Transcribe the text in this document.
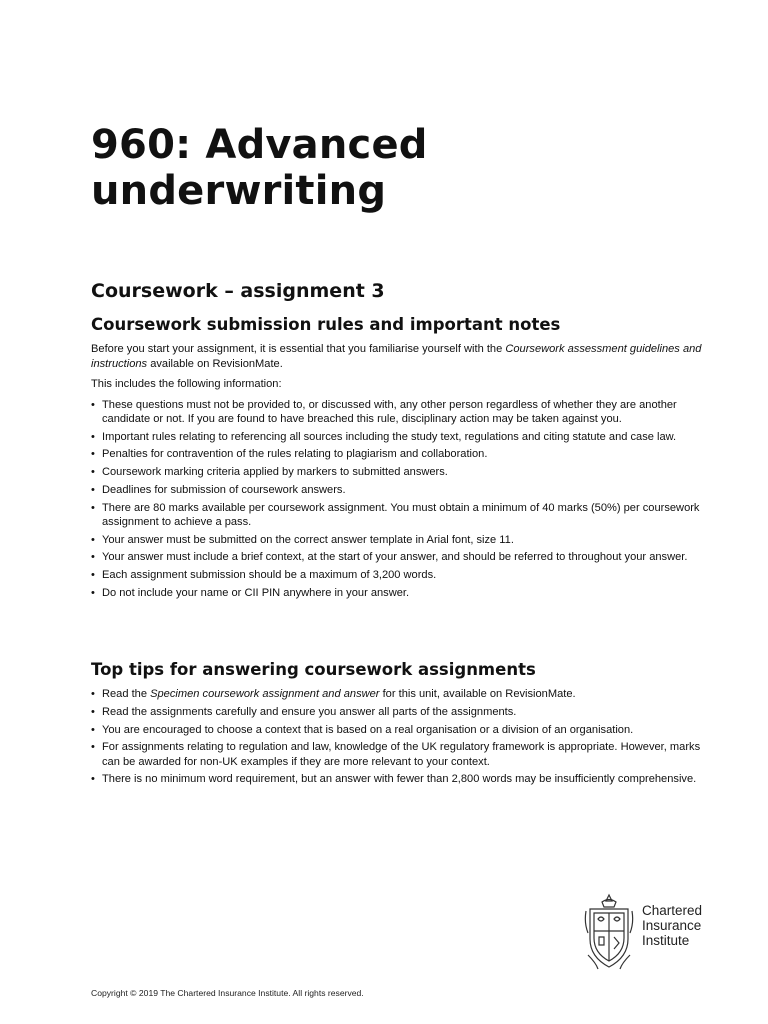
960: Advanced
underwriting
Coursework – assignment 3
Coursework submission rules and important notes

Before you start your assignment, it is essential that you familiarise yourself with the Coursework assessment guidelines and instructions available on RevisionMate.

This includes the following information:

• These questions must not be provided to, or discussed with, any other person regardless of whether they are another candidate or not. If you are found to have breached this rule, disciplinary action may be taken against you.
• Important rules relating to referencing all sources including the study text, regulations and citing statute and case law.
• Penalties for contravention of the rules relating to plagiarism and collaboration.
• Coursework marking criteria applied by markers to submitted answers.
• Deadlines for submission of coursework answers.
• There are 80 marks available per coursework assignment. You must obtain a minimum of 40 marks (50%) per coursework assignment to achieve a pass.
• Your answer must be submitted on the correct answer template in Arial font, size 11.
• Your answer must include a brief context, at the start of your answer, and should be referred to throughout your answer.
• Each assignment submission should be a maximum of 3,200 words.
• Do not include your name or CII PIN anywhere in your answer.
Top tips for answering coursework assignments
• Read the Specimen coursework assignment and answer for this unit, available on RevisionMate.
• Read the assignments carefully and ensure you answer all parts of the assignments.
• You are encouraged to choose a context that is based on a real organisation or a division of an organisation.
• For assignments relating to regulation and law, knowledge of the UK regulatory framework is appropriate. However, marks can be awarded for non-UK examples if they are more relevant to your context.
• There is no minimum word requirement, but an answer with fewer than 2,800 words may be insufficiently comprehensive.
Chartered
Insurance
Institute

Copyright © 2019 The Chartered Insurance Institute. All rights reserved.
